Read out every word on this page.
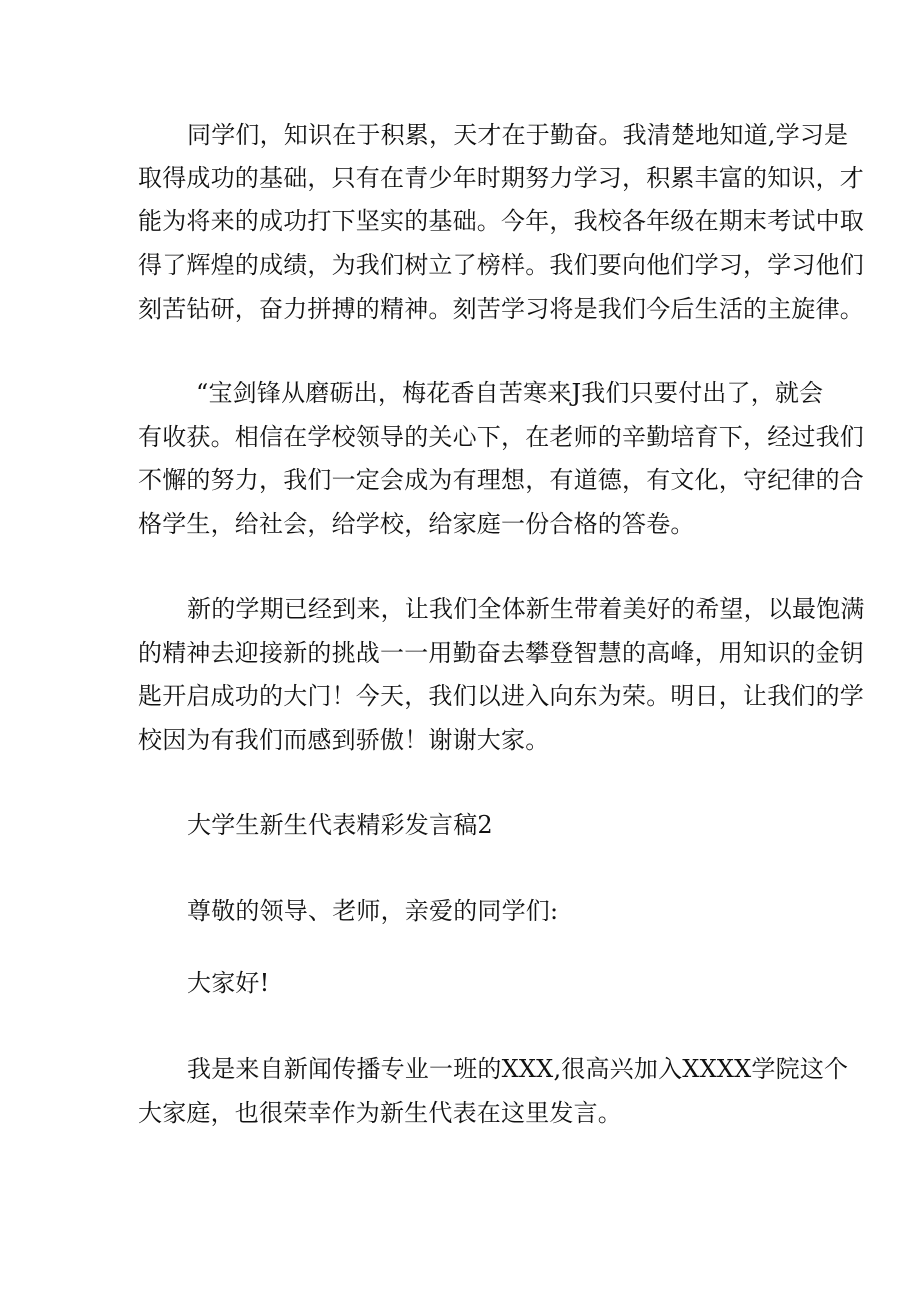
同学们，知识在于积累，天才在于勤奋。我清楚地知道,学习是
取得成功的基础，只有在青少年时期努力学习，积累丰富的知识，才
能为将来的成功打下坚实的基础。今年，我校各年级在期末考试中取
得了辉煌的成绩，为我们树立了榜样。我们要向他们学习，学习他们
刻苦钻研，奋力拼搏的精神。刻苦学习将是我们今后生活的主旋律。
“宝剑锋从磨砺出，梅花香自苦寒来J我们只要付出了，就会
有收获。相信在学校领导的关心下，在老师的辛勤培育下，经过我们
不懈的努力，我们一定会成为有理想，有道德，有文化，守纪律的合
格学生，给社会，给学校，给家庭一份合格的答卷。
新的学期已经到来，让我们全体新生带着美好的希望，以最饱满
的精神去迎接新的挑战一一用勤奋去攀登智慧的高峰，用知识的金钥
匙开启成功的大门！今天，我们以进入向东为荣。明日，让我们的学
校因为有我们而感到骄傲！谢谢大家。
大学生新生代表精彩发言稿2
尊敬的领导、老师，亲爱的同学们:
大家好!
我是来自新闻传播专业一班的XXX,很高兴加入XXXX学院这个
大家庭，也很荣幸作为新生代表在这里发言。
